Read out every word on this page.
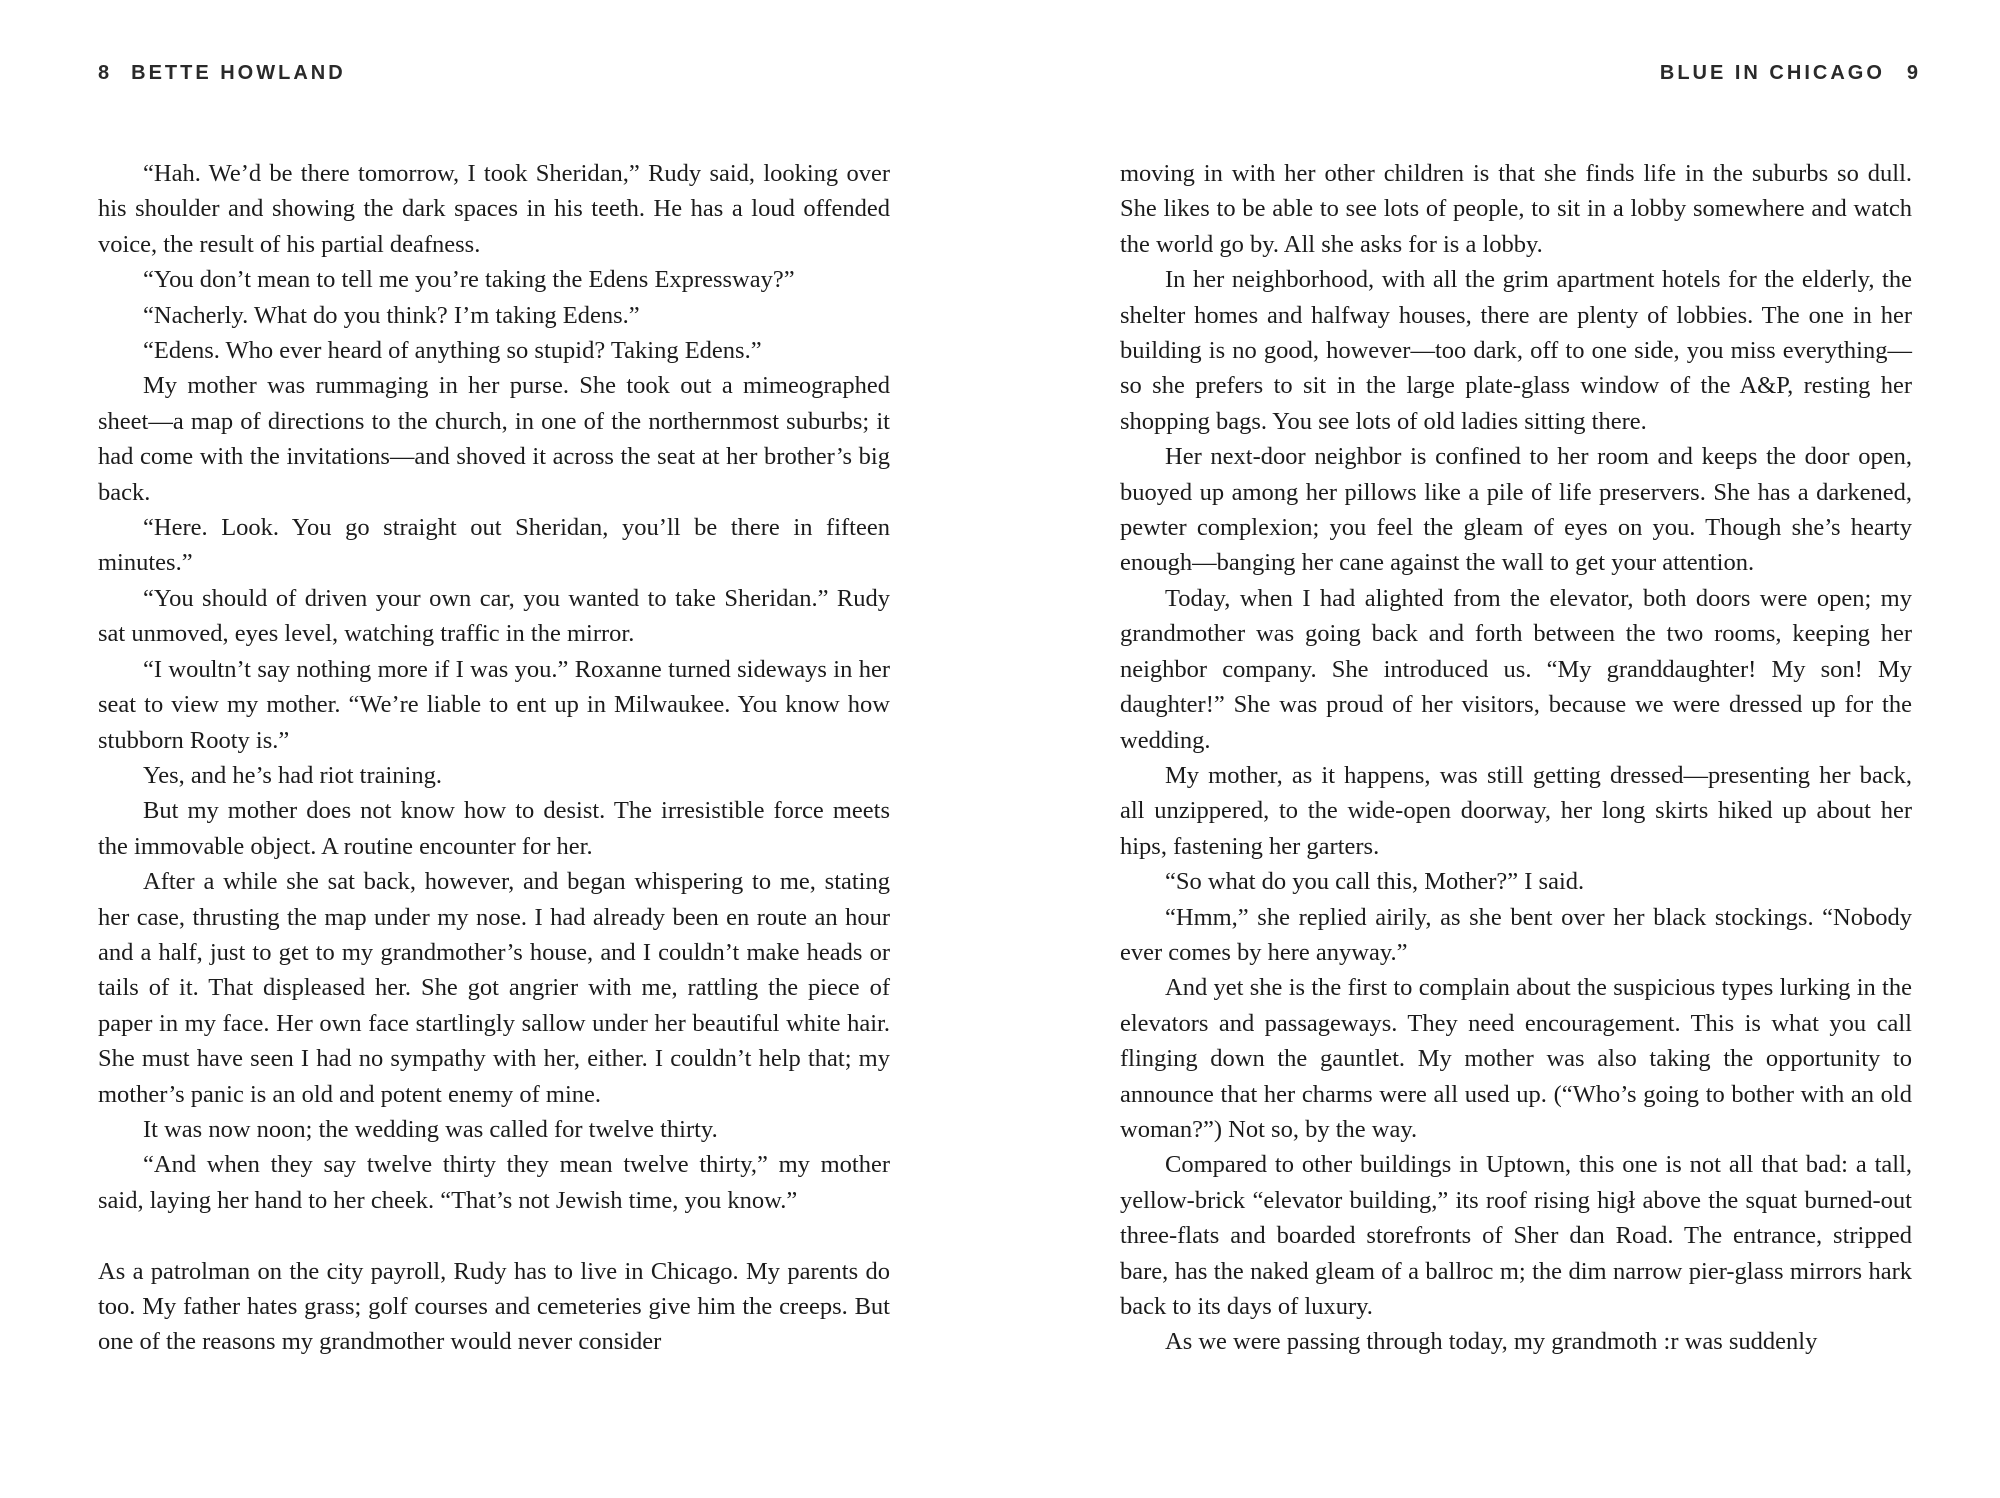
8 BETTE HOWLAND

“Hah. We’d be there tomorrow, I took Sheridan,” Rudy said, looking over his shoulder and showing the dark spaces in his teeth. He has a loud offended voice, the result of his partial deafness.

“You don’t mean to tell me you’re taking the Edens Expressway?”

“Nacherly. What do you think? I’m taking Edens.”

“Edens. Who ever heard of anything so stupid? Taking Edens.”

My mother was rummaging in her purse. She took out a mimeographed sheet—a map of directions to the church, in one of the northernmost suburbs; it had come with the invitations—and shoved it across the seat at her brother’s big back.

“Here. Look. You go straight out Sheridan, you’ll be there in fifteen minutes.”

“You should of driven your own car, you wanted to take Sheridan.” Rudy sat unmoved, eyes level, watching traffic in the mirror.

“I woultn’t say nothing more if I was you.” Roxanne turned sideways in her seat to view my mother. “We’re liable to ent up in Milwaukee. You know how stubborn Rooty is.”

Yes, and he’s had riot training.

But my mother does not know how to desist. The irresistible force meets the immovable object. A routine encounter for her.

After a while she sat back, however, and began whispering to me, stating her case, thrusting the map under my nose. I had already been en route an hour and a half, just to get to my grandmother’s house, and I couldn’t make heads or tails of it. That displeased her. She got angrier with me, rattling the piece of paper in my face. Her own face startlingly sallow under her beautiful white hair. She must have seen I had no sympathy with her, either. I couldn’t help that; my mother’s panic is an old and potent enemy of mine.

It was now noon; the wedding was called for twelve thirty.

“And when they say twelve thirty they mean twelve thirty,” my mother said, laying her hand to her cheek. “That’s not Jewish time, you know.”

As a patrolman on the city payroll, Rudy has to live in Chicago. My parents do too. My father hates grass; golf courses and cemeteries give him the creeps. But one of the reasons my grandmother would never consider

BLUE IN CHICAGO 9

moving in with her other children is that she finds life in the suburbs so dull. She likes to be able to see lots of people, to sit in a lobby somewhere and watch the world go by. All she asks for is a lobby.

In her neighborhood, with all the grim apartment hotels for the elderly, the shelter homes and halfway houses, there are plenty of lobbies. The one in her building is no good, however—too dark, off to one side, you miss everything—so she prefers to sit in the large plate-glass window of the A&P, resting her shopping bags. You see lots of old ladies sitting there.

Her next-door neighbor is confined to her room and keeps the door open, buoyed up among her pillows like a pile of life preservers. She has a darkened, pewter complexion; you feel the gleam of eyes on you. Though she’s hearty enough—banging her cane against the wall to get your attention.

Today, when I had alighted from the elevator, both doors were open; my grandmother was going back and forth between the two rooms, keeping her neighbor company. She introduced us. “My granddaughter! My son! My daughter!” She was proud of her visitors, because we were dressed up for the wedding.

My mother, as it happens, was still getting dressed—presenting her back, all unzippered, to the wide-open doorway, her long skirts hiked up about her hips, fastening her garters.

“So what do you call this, Mother?” I said.

“Hmm,” she replied airily, as she bent over her black stockings. “Nobody ever comes by here anyway.”

And yet she is the first to complain about the suspicious types lurking in the elevators and passageways. They need encouragement. This is what you call flinging down the gauntlet. My mother was also taking the opportunity to announce that her charms were all used up. (“Who’s going to bother with an old woman?”) Not so, by the way.

Compared to other buildings in Uptown, this one is not all that bad: a tall, yellow-brick “elevator building,” its roof rising higł above the squat burned-out three-flats and boarded storefronts of Sher dan Road. The entrance, stripped bare, has the naked gleam of a ballroc m; the dim narrow pier-glass mirrors hark back to its days of luxury.

As we were passing through today, my grandmoth :r was suddenly
